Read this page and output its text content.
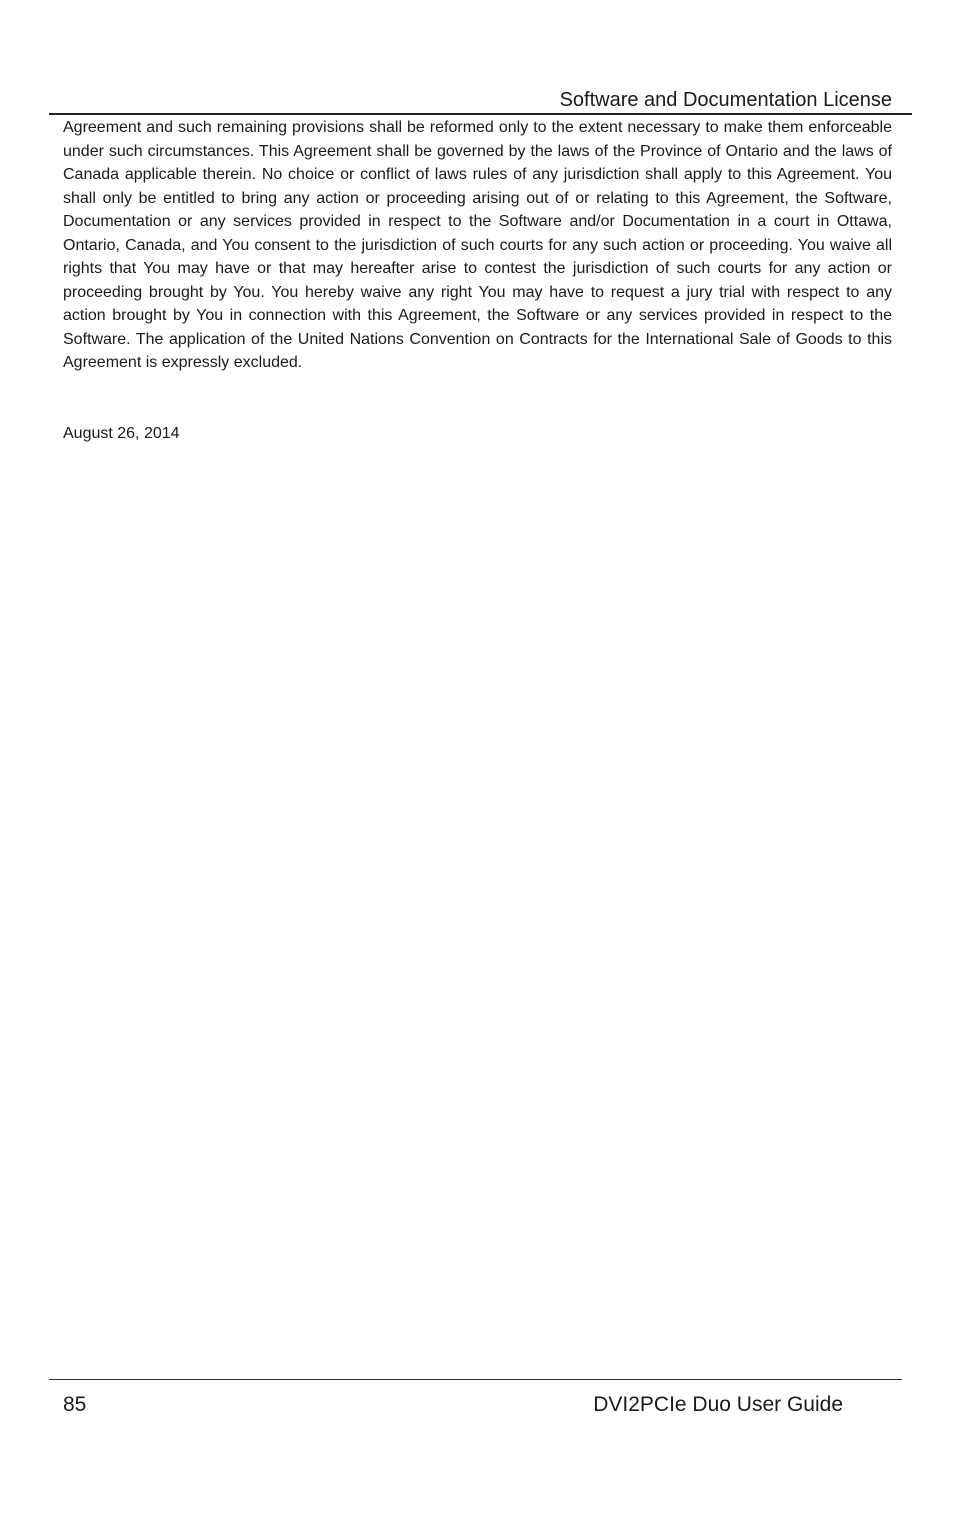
Software and Documentation License

Agreement and such remaining provisions shall be reformed only to the extent necessary to make them enforceable under such circumstances. This Agreement shall be governed by the laws of the Province of Ontario and the laws of Canada applicable therein. No choice or conflict of laws rules of any jurisdiction shall apply to this Agreement. You shall only be entitled to bring any action or proceeding arising out of or relating to this Agreement, the Software, Documentation or any services provided in respect to the Software and/or Documentation in a court in Ottawa, Ontario, Canada, and You consent to the jurisdiction of such courts for any such action or proceeding. You waive all rights that You may have or that may hereafter arise to contest the jurisdiction of such courts for any action or proceeding brought by You. You hereby waive any right You may have to request a jury trial with respect to any action brought by You in connection with this Agreement, the Software or any services provided in respect to the Software. The application of the United Nations Convention on Contracts for the International Sale of Goods to this Agreement is expressly excluded.

August 26, 2014

85	DVI2PCIe Duo User Guide
